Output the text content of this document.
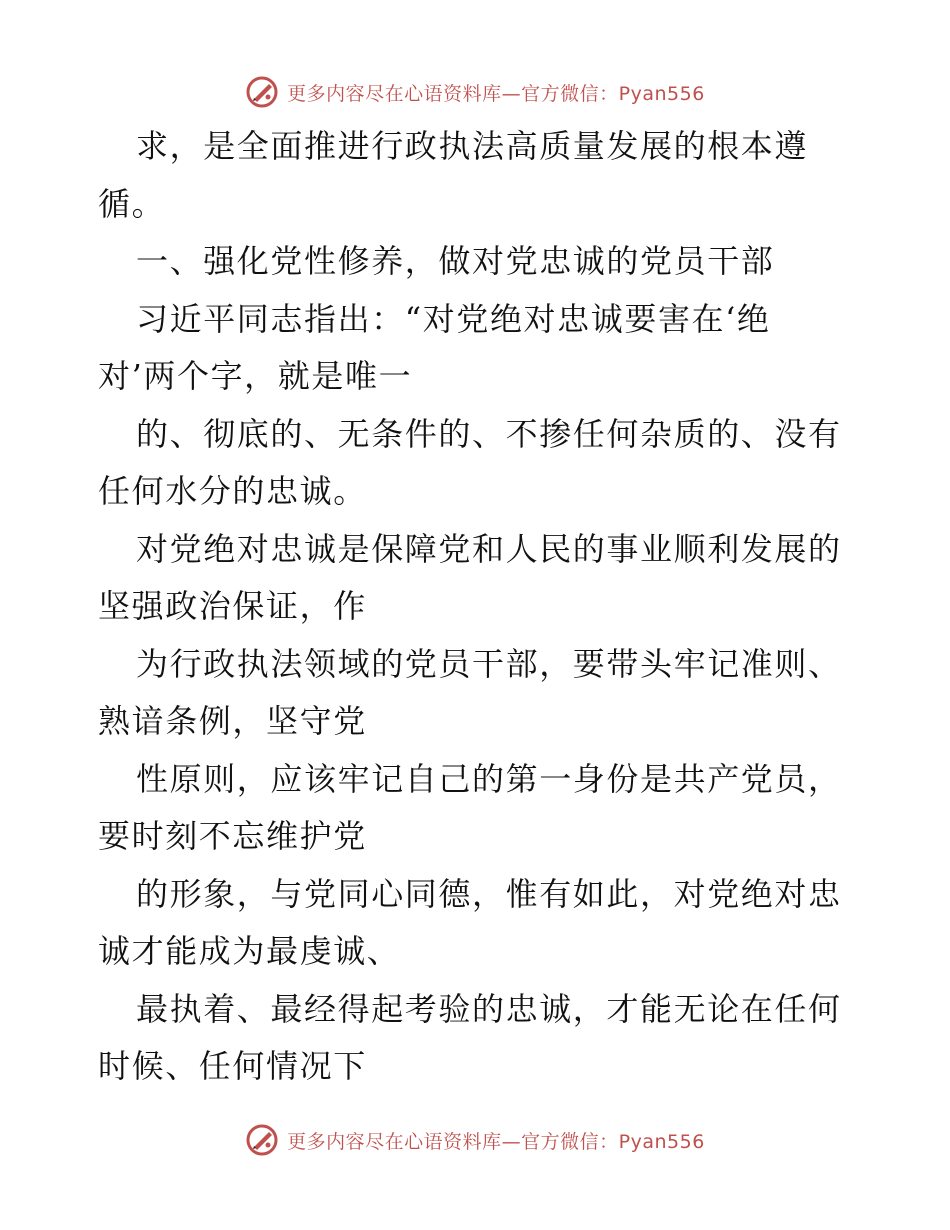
更多内容尽在心语资料库—官方微信：Pyan556
求，是全面推进行政执法高质量发展的根本遵
循。
一、强化党性修养，做对党忠诚的党员干部
习近平同志指出：“对党绝对忠诚要害在‘绝
对’两个字，就是唯一
的、彻底的、无条件的、不掺任何杂质的、没有
任何水分的忠诚。
对党绝对忠诚是保障党和人民的事业顺利发展的
坚强政治保证，作
为行政执法领域的党员干部，要带头牢记准则、
熟谙条例，坚守党
性原则，应该牢记自己的第一身份是共产党员，
要时刻不忘维护党
的形象，与党同心同德，惟有如此，对党绝对忠
诚才能成为最虔诚、
最执着、最经得起考验的忠诚，才能无论在任何
时候、任何情况下
更多内容尽在心语资料库—官方微信：Pyan556
